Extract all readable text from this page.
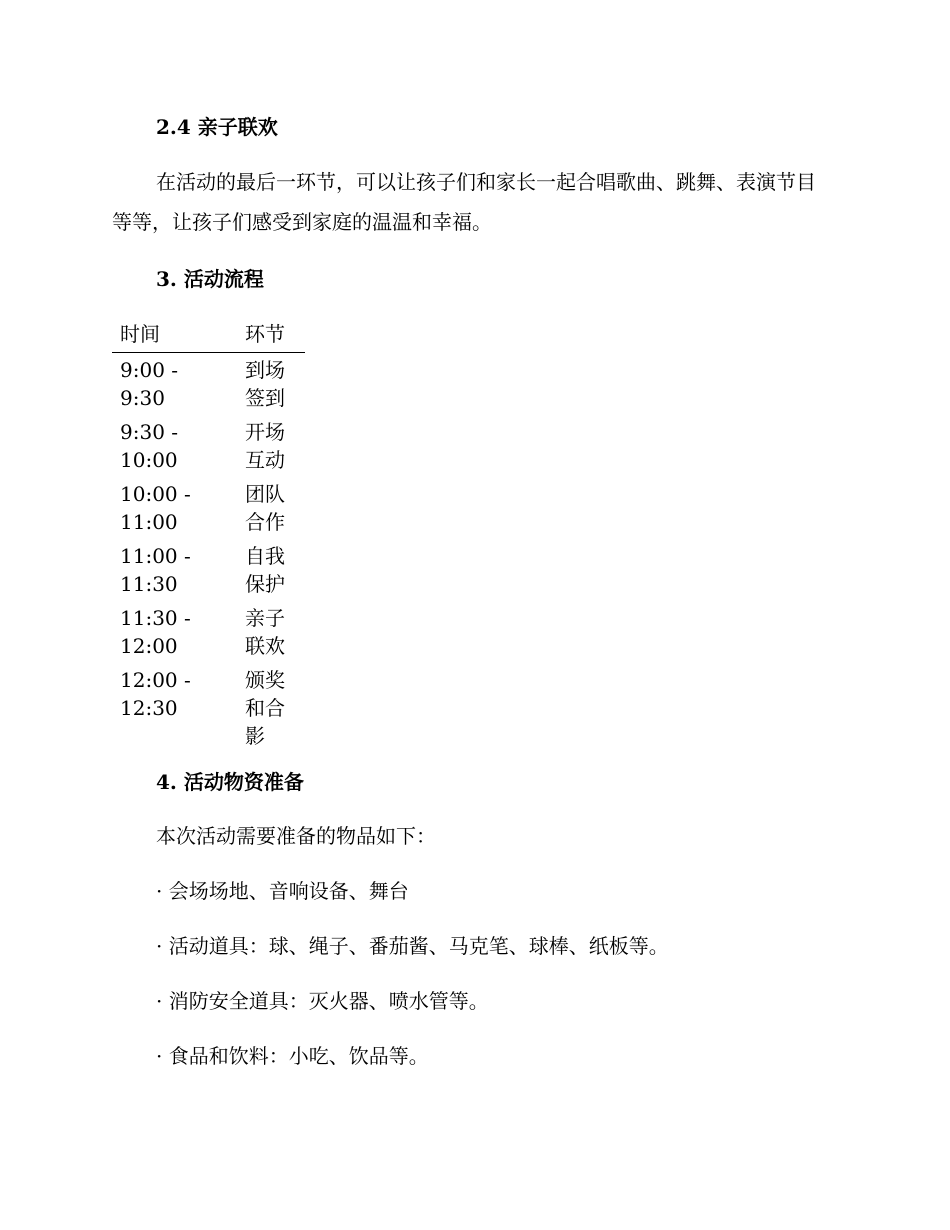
2.4 亲子联欢
在活动的最后一环节，可以让孩子们和家长一起合唱歌曲、跳舞、表演节目等等，让孩子们感受到家庭的温温和幸福。
3. 活动流程
时间	环节
9:00 - 9:30	到场签到
9:30 - 10:00	开场互动
10:00 - 11:00	团队合作
11:00 - 11:30	自我保护
11:30 - 12:00	亲子联欢
12:00 - 12:30	颁奖和合影
4. 活动物资准备
本次活动需要准备的物品如下：
· 会场场地、音响设备、舞台
· 活动道具：球、绳子、番茄酱、马克笔、球棒、纸板等。
· 消防安全道具：灭火器、喷水管等。
· 食品和饮料：小吃、饮品等。
